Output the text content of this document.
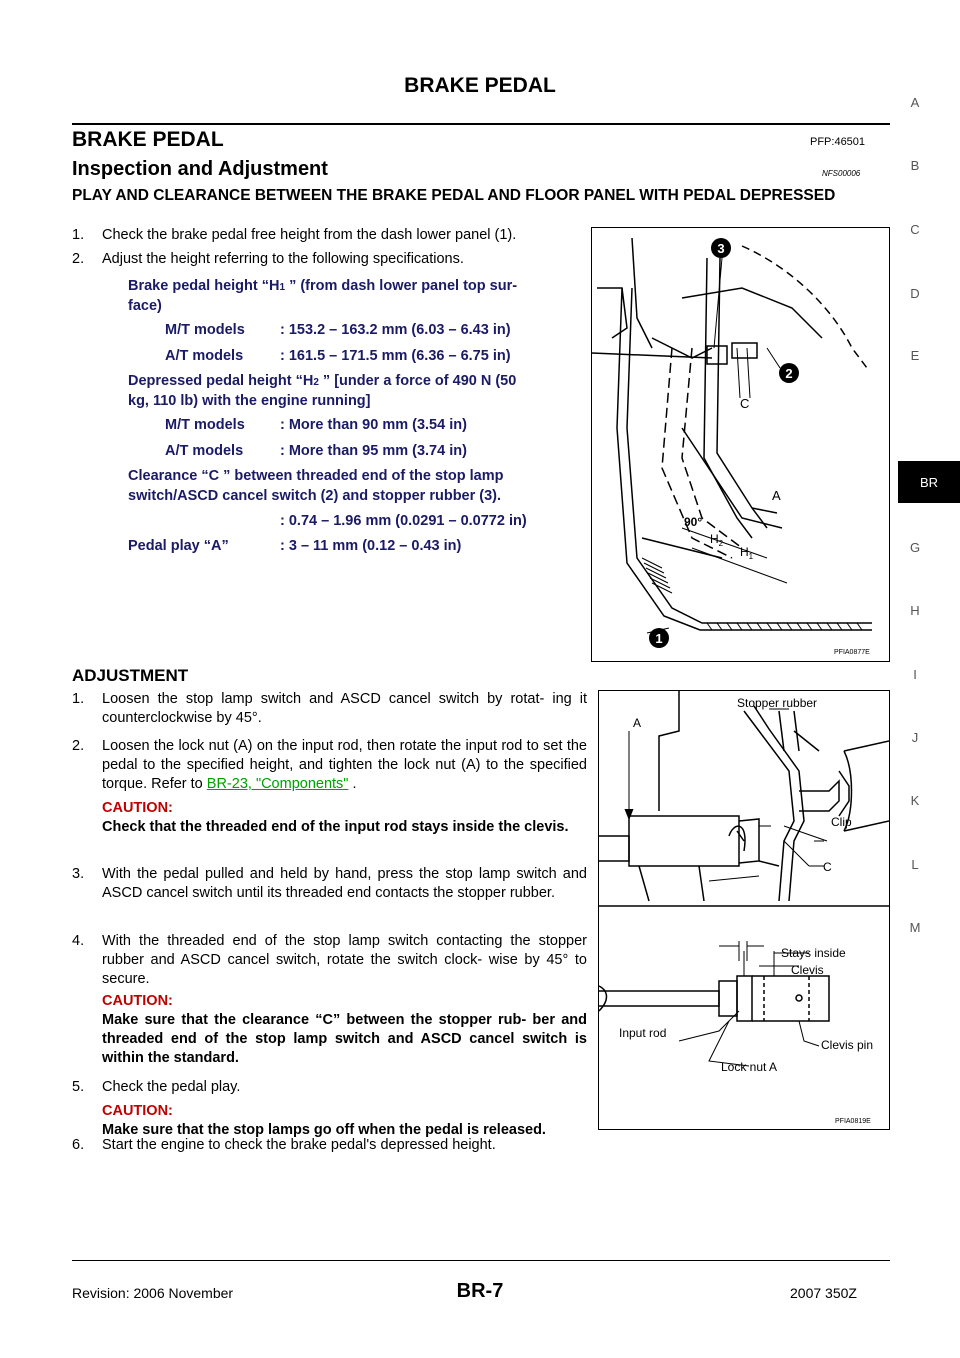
BRAKE PEDAL
BRAKE PEDAL	PFP:46501
Inspection and Adjustment	NFS00006
PLAY AND CLEARANCE BETWEEN THE BRAKE PEDAL AND FLOOR PANEL WITH PEDAL DEPRESSED
1. Check the brake pedal free height from the dash lower panel (1).
2. Adjust the height referring to the following specifications.
Brake pedal height “H1 ” (from dash lower panel top sur-
face)
M/T models : 153.2 – 163.2 mm (6.03 – 6.43 in)
A/T models	: 161.5 – 171.5 mm (6.36 – 6.75 in)
Depressed pedal height “H2 ” [under a force of 490 N (50
kg, 110 lb) with the engine running]
M/T models : More than 90 mm (3.54 in)
A/T models	: More than 95 mm (3.74 in)
Clearance “C ” between threaded end of the stop lamp
switch/ASCD cancel switch (2) and stopper rubber (3).
: 0.74 – 1.96 mm (0.0291 – 0.0772 in)
Pedal play “A”	: 3 – 11 mm (0.12 – 0.43 in)
3
2
1
C
A
90°
$H_2$
$H_1$
PFIA0877E
ADJUSTMENT
1. Loosen the stop lamp switch and ASCD cancel switch by rotat- ing it counterclockwise by 45°.
2. Loosen the lock nut (A) on the input rod, then rotate the input rod to set the pedal to the specified height, and tighten the lock nut (A) to the specified torque. Refer to BR-23, "Components" .
CAUTION:
Check that the threaded end of the input rod stays inside the clevis.
3. With the pedal pulled and held by hand, press the stop lamp switch and ASCD cancel switch until its threaded end contacts the stopper rubber.
4. With the threaded end of the stop lamp switch contacting the stopper rubber and ASCD cancel switch, rotate the switch clock- wise by 45° to secure.
CAUTION:
Make sure that the clearance “C” between the stopper rub- ber and threaded end of the stop lamp switch and ASCD cancel switch is within the standard.
5. Check the pedal play.
CAUTION:
Make sure that the stop lamps go off when the pedal is released.
6. Start the engine to check the brake pedal's depressed height.
Stopper rubber
A
Clip
C
Stays inside
Clevis
Input rod
Clevis pin
Lock nut A
PFIA0819E
A
B
C
D
E
BR
G
H
I
J
K
L
M
Revision: 2006 November	BR-7	2007 350Z
